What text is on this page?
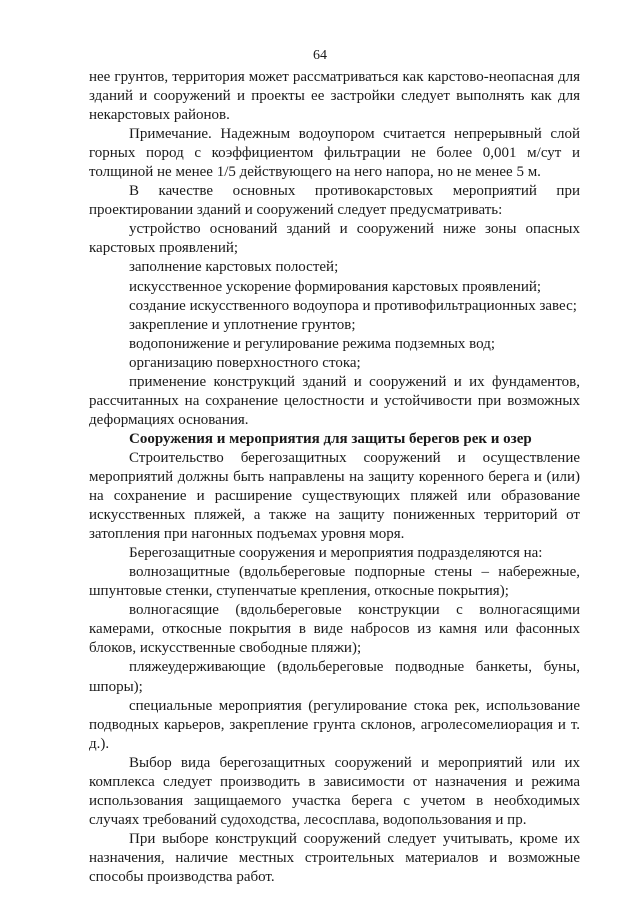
64

нее грунтов, территория может рассматриваться как карстово-неопасная для зданий и сооружений и проекты ее застройки следует выполнять как для некарстовых районов.

Примечание. Надежным водоупором считается непрерывный слой горных пород с коэффициентом фильтрации не более 0,001 м/сут и толщиной не менее 1/5 действующего на него напора, но не менее 5 м.

В качестве основных противокарстовых мероприятий при проектировании зданий и сооружений следует предусматривать:

устройство оснований зданий и сооружений ниже зоны опасных карстовых проявлений;

заполнение карстовых полостей;

искусственное ускорение формирования карстовых проявлений;

создание искусственного водоупора и противофильтрационных завес;

закрепление и уплотнение грунтов;

водопонижение и регулирование режима подземных вод;

организацию поверхностного стока;

применение конструкций зданий и сооружений и их фундаментов, рассчитанных на сохранение целостности и устойчивости при возможных деформациях основания.

Сооружения и мероприятия для защиты берегов рек и озер

Строительство берегозащитных сооружений и осуществление мероприятий должны быть направлены на защиту коренного берега и (или) на сохранение и расширение существующих пляжей или образование искусственных пляжей, а также на защиту пониженных территорий от затопления при нагонных подъемах уровня моря.

Берегозащитные сооружения и мероприятия подразделяются на:

волнозащитные (вдольбереговые подпорные стены – набережные, шпунтовые стенки, ступенчатые крепления, откосные покрытия);

волногасящие (вдольбереговые конструкции с волногасящими камерами, откосные покрытия в виде набросов из камня или фасонных блоков, искусственные свободные пляжи);

пляжеудерживающие (вдольбереговые подводные банкеты, буны, шпоры);

специальные мероприятия (регулирование стока рек, использование подводных карьеров, закрепление грунта склонов, агролесомелиорация и т. д.).

Выбор вида берегозащитных сооружений и мероприятий или их комплекса следует производить в зависимости от назначения и режима использования защищаемого участка берега с учетом в необходимых случаях требований судоходства, лесосплава, водопользования и пр.

При выборе конструкций сооружений следует учитывать, кроме их назначения, наличие местных строительных материалов и возможные способы производства работ.
